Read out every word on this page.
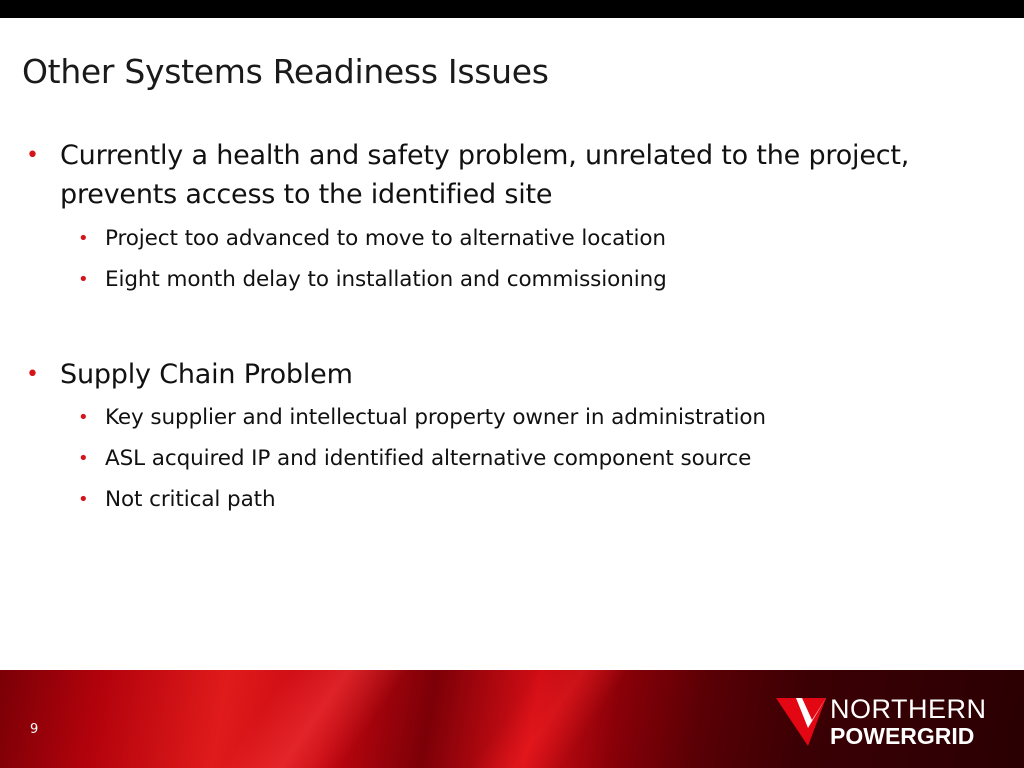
Other Systems Readiness Issues
• Currently a health and safety problem, unrelated to the project, prevents access to the identified site
• Project too advanced to move to alternative location
• Eight month delay to installation and commissioning
• Supply Chain Problem
• Key supplier and intellectual property owner in administration
• ASL acquired IP and identified alternative component source
• Not critical path
9
NORTHERN
POWERGRID
